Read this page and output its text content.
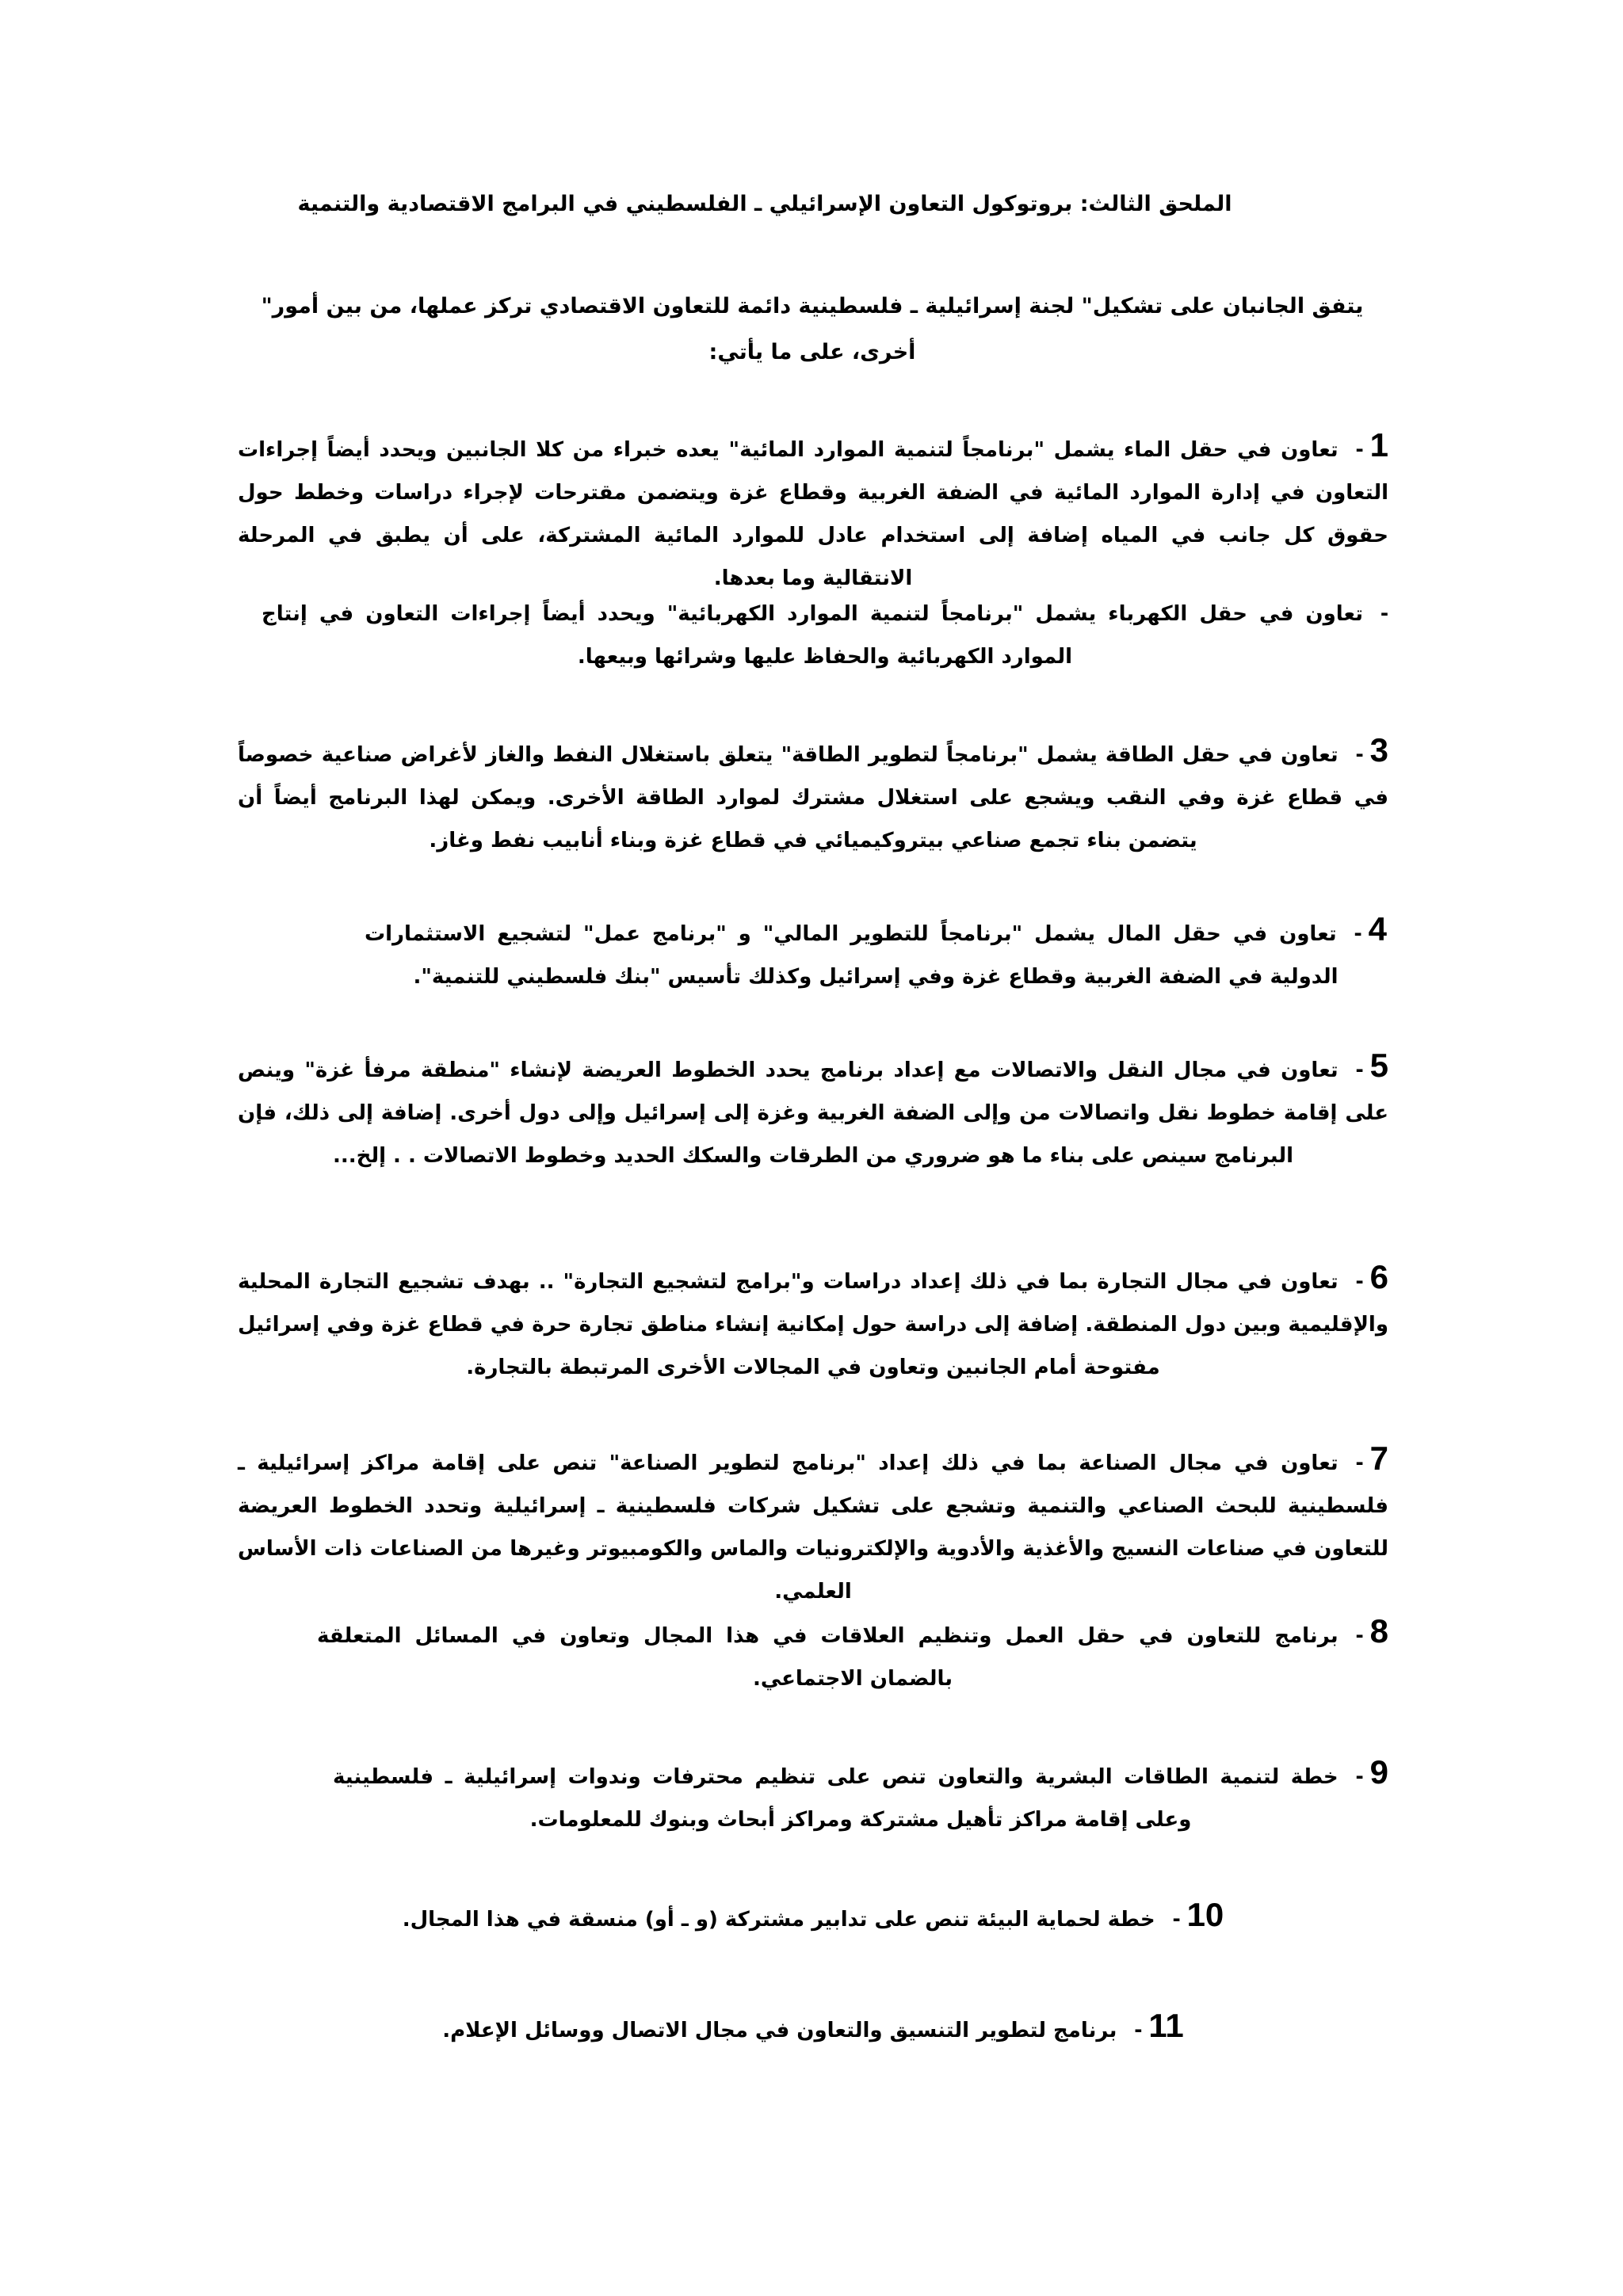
الملحق الثالث: بروتوكول التعاون الإسرائيلي ـ الفلسطيني في البرامج الاقتصادية والتنمية
يتفق الجانبان على تشكيل" لجنة إسرائيلية ـ فلسطينية دائمة للتعاون الاقتصادي تركز عملها، من بين أمور" أخرى، على ما يأتي:
1-تعاون في حقل الماء يشمل "برنامجاً لتنمية الموارد المائية" يعده خبراء من كلا الجانبين ويحدد أيضاً إجراءات التعاون في إدارة الموارد المائية في الضفة الغربية وقطاع غزة ويتضمن مقترحات لإجراء دراسات وخطط حول حقوق كل جانب في المياه إضافة إلى استخدام عادل للموارد المائية المشتركة، على أن يطبق في المرحلة الانتقالية وما بعدها.
-تعاون في حقل الكهرباء يشمل "برنامجاً لتنمية الموارد الكهربائية" ويحدد أيضاً إجراءات التعاون في إنتاج الموارد الكهربائية والحفاظ عليها وشرائها وبيعها.
3-تعاون في حقل الطاقة يشمل "برنامجاً لتطوير الطاقة" يتعلق باستغلال النفط والغاز لأغراض صناعية خصوصاً في قطاع غزة وفي النقب ويشجع على استغلال مشترك لموارد الطاقة الأخرى. ويمكن لهذا البرنامج أيضاً أن يتضمن بناء تجمع صناعي بيتروكيميائي في قطاع غزة وبناء أنابيب نفط وغاز.
4-تعاون في حقل المال يشمل "برنامجاً للتطوير المالي" و "برنامج عمل" لتشجيع الاستثمارات الدولية في الضفة الغربية وقطاع غزة وفي إسرائيل وكذلك تأسيس "بنك فلسطيني للتنمية".
5-تعاون في مجال النقل والاتصالات مع إعداد برنامج يحدد الخطوط العريضة لإنشاء "منطقة مرفأ غزة" وينص على إقامة خطوط نقل واتصالات من وإلى الضفة الغربية وغزة إلى إسرائيل وإلى دول أخرى. إضافة إلى ذلك، فإن البرنامج سينص على بناء ما هو ضروري من الطرقات والسكك الحديد وخطوط الاتصالات . . إلخ...
6-تعاون في مجال التجارة بما في ذلك إعداد دراسات و"برامج لتشجيع التجارة" .. بهدف تشجيع التجارة المحلية والإقليمية وبين دول المنطقة. إضافة إلى دراسة حول إمكانية إنشاء مناطق تجارة حرة في قطاع غزة وفي إسرائيل مفتوحة أمام الجانبين وتعاون في المجالات الأخرى المرتبطة بالتجارة.
7-تعاون في مجال الصناعة بما في ذلك إعداد "برنامج لتطوير الصناعة" تنص على إقامة مراكز إسرائيلية ـ فلسطينية للبحث الصناعي والتنمية وتشجع على تشكيل شركات فلسطينية ـ إسرائيلية وتحدد الخطوط العريضة للتعاون في صناعات النسيج والأغذية والأدوية والإلكترونيات والماس والكومبيوتر وغيرها من الصناعات ذات الأساس العلمي.
8-برنامج للتعاون في حقل العمل وتنظيم العلاقات في هذا المجال وتعاون في المسائل المتعلقة بالضمان الاجتماعي.
9-خطة لتنمية الطاقات البشرية والتعاون تنص على تنظيم محترفات وندوات إسرائيلية ـ فلسطينية وعلى إقامة مراكز تأهيل مشتركة ومراكز أبحاث وبنوك للمعلومات.
10-خطة لحماية البيئة تنص على تدابير مشتركة (و ـ أو) منسقة في هذا المجال.
11-برنامج لتطوير التنسيق والتعاون في مجال الاتصال ووسائل الإعلام.
